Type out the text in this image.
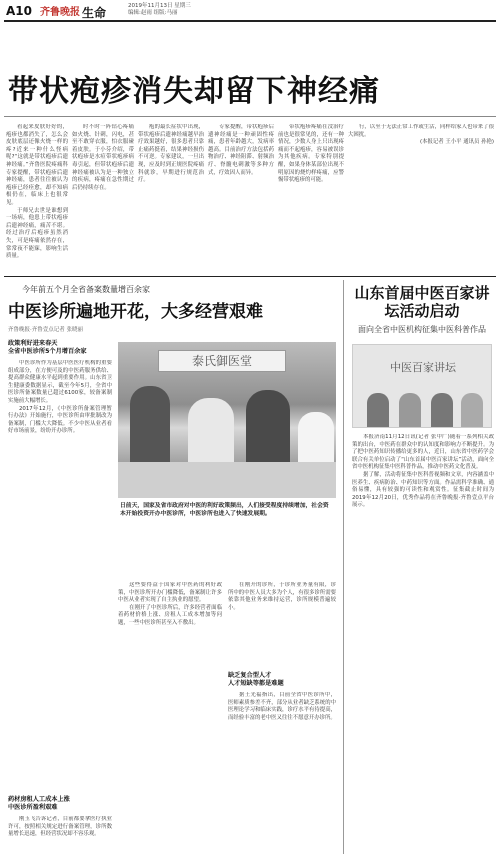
A10 齐鲁晚报 生命	2019年11月13日 星期三
编辑:赵雨 组版:马丽
带状疱疹消失却留下神经痛

看起来皮肤好好的，疱疹也都消失了，怎么会皮肤底层还像火烧一样的疼?近来一种什么怪病呢?“这就是带状疱疹后遗神经痛。”齐鲁医院疼痛科专家提醒，带状疱疹后遗神经痛，患者往往被认为疱疹已经痊愈，却不知病根仍在，临床上也很常见。

于师兄去世是谁想到一场病，他患上带状疱疹后遗神经痛，痛苦不堪。经过治疗后疱疹虽然消失，可是疼痛依然存在，常常夜不能寐，影响生活质量。

时不时一阵钻心疼痛如火烧、针刺，闪电，甚至不敢穿衣服，怕衣服碰着皮肤。于小芬介绍，带状疱疹是水痘带状疱疹病毒引起，但带状疱疹后遗神经痛被认为是一种独立的疾病，疼痛在急性期过后仍持续存在。

疱的最长症状中出现，带状疱疹后遗神经痛越早治疗效果越好，很多患者只靠止痛药挺着，结果神经损伤不可逆。专家建议，一旦出现，应及时到正规医院疼痛科就诊，早期进行规范治疗。

专家提醒，带状疱疹后遗神经痛是一种顽固性疼痛，患者年龄越大，发病率越高。目前治疗方法包括药物治疗、神经阻滞、射频治疗、脊髓电刺激等多种方式，疗效因人而异。

带状疱疹疼痛在没治疗前也是很常见的，还有一种情况，少数人身上只出现疼痛而不起疱疹，容易被误诊为其他疾病。专家特别提醒，如果身体某部位出现不明原因的烧灼样疼痛，应警惕带状疱疹的可能。

行，以至于无法正常工作或生活，同样给家人也带来了很大困扰。

(本报记者 王小平 通讯员 孙艳)

今年前五个月全省备案数量增百余家
中医诊所遍地开花，大多经营艰难
齐鲁晚报·齐鲁壹点记者 张晓丽
政策利好进来春天
全省中医诊所5个月增百余家

中医诊所作为基层中医医疗机构的重要组成部分，在方便可及的中医药服务供给、提高群众健康水平起到重要作用。山东省卫生健康委数据显示，截至今年5月，全省中医诊所备案数量已超过6100家，较备案制实施前大幅增长。

2017年12月，《中医诊所备案管理暂行办法》开始施行，中医诊所由审批制改为备案制，门槛大大降低。不少中医从业者看好市场前景，纷纷开办诊所。

药材房租人工成本上涨
中医诊所盈利艰难

刚玉飞告诉记者，目前都要拿医疗执业许可，按照相关规定进行备案管理，诊所数量增长迅速，但经营状况却不容乐观。

泰氏御医堂
日前天，国家及省市政府对中医的利好政策频出，人们接受程度持续增加，社会资本开始投资开办中医诊所，中医诊所也进入了快速发展期。

这些要得益于国家对中医药的利好政策，中医诊所开办门槛降低，备案制让许多中医从业者实现了自主执业的愿望。

在刚开了中医诊所后，许多经营者面临着药材价格上涨、房租人工成本增加等问题，一些中医诊所甚至入不敷出。

在刚开的诊所，于诊所业务量有限，诊所中的中医人员大多为个人，有很多诊所需要依靠其他业务来维持运营，诊所规模普遍较小。

缺乏复合型人才
人才短缺等都是难题

据王光福指出，目前全省中医诊所中，医师素质参差不齐，部分从业者缺乏系统的中医理论学习和临床实践，诊疗水平有待提高，而经验丰富的老中医又往往不愿意开办诊所。

山东首届中医百家讲坛活动启动
面向全省中医机构征集中医科普作品
中医百家讲坛

本报济南11月12日讯(记者 张中广)随着一系列相关政策的出台，中医药在群众中的认知度和影响力不断提升。为了把中医药知识传播给更多的人，近日，山东省中医药学会联合有关单位启动了“山东首届中医百家讲坛”活动，面向全省中医机构征集中医科普作品，推动中医药文化普及。

据了解，活动将征集中医科普视频和文章，内容涵盖中医养生、疾病防治、中药知识等方面。作品需科学准确、通俗易懂，具有较强的可读性和观赏性。征集截止时间为2019年12月20日，优秀作品将在齐鲁晚报·齐鲁壹点平台展示。
